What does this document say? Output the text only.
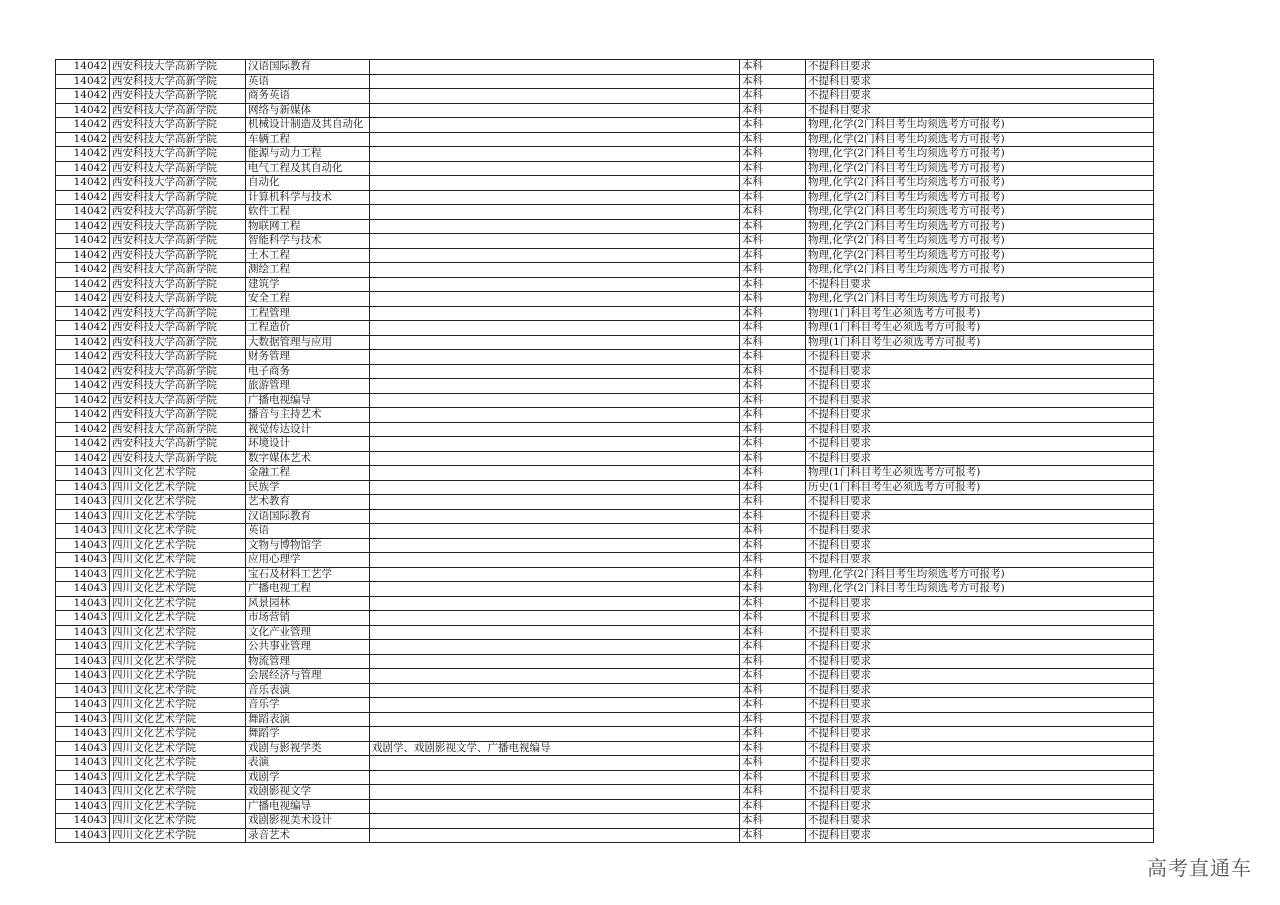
14042	西安科技大学高新学院	汉语国际教育		本科	不提科目要求
14042	西安科技大学高新学院	英语		本科	不提科目要求
14042	西安科技大学高新学院	商务英语		本科	不提科目要求
14042	西安科技大学高新学院	网络与新媒体		本科	不提科目要求
14042	西安科技大学高新学院	机械设计制造及其自动化		本科	物理,化学(2门科目考生均须选考方可报考)
14042	西安科技大学高新学院	车辆工程		本科	物理,化学(2门科目考生均须选考方可报考)
14042	西安科技大学高新学院	能源与动力工程		本科	物理,化学(2门科目考生均须选考方可报考)
14042	西安科技大学高新学院	电气工程及其自动化		本科	物理,化学(2门科目考生均须选考方可报考)
14042	西安科技大学高新学院	自动化		本科	物理,化学(2门科目考生均须选考方可报考)
14042	西安科技大学高新学院	计算机科学与技术		本科	物理,化学(2门科目考生均须选考方可报考)
14042	西安科技大学高新学院	软件工程		本科	物理,化学(2门科目考生均须选考方可报考)
14042	西安科技大学高新学院	物联网工程		本科	物理,化学(2门科目考生均须选考方可报考)
14042	西安科技大学高新学院	智能科学与技术		本科	物理,化学(2门科目考生均须选考方可报考)
14042	西安科技大学高新学院	土木工程		本科	物理,化学(2门科目考生均须选考方可报考)
14042	西安科技大学高新学院	测绘工程		本科	物理,化学(2门科目考生均须选考方可报考)
14042	西安科技大学高新学院	建筑学		本科	不提科目要求
14042	西安科技大学高新学院	安全工程		本科	物理,化学(2门科目考生均须选考方可报考)
14042	西安科技大学高新学院	工程管理		本科	物理(1门科目考生必须选考方可报考)
14042	西安科技大学高新学院	工程造价		本科	物理(1门科目考生必须选考方可报考)
14042	西安科技大学高新学院	大数据管理与应用		本科	物理(1门科目考生必须选考方可报考)
14042	西安科技大学高新学院	财务管理		本科	不提科目要求
14042	西安科技大学高新学院	电子商务		本科	不提科目要求
14042	西安科技大学高新学院	旅游管理		本科	不提科目要求
14042	西安科技大学高新学院	广播电视编导		本科	不提科目要求
14042	西安科技大学高新学院	播音与主持艺术		本科	不提科目要求
14042	西安科技大学高新学院	视觉传达设计		本科	不提科目要求
14042	西安科技大学高新学院	环境设计		本科	不提科目要求
14042	西安科技大学高新学院	数字媒体艺术		本科	不提科目要求
14043	四川文化艺术学院	金融工程		本科	物理(1门科目考生必须选考方可报考)
14043	四川文化艺术学院	民族学		本科	历史(1门科目考生必须选考方可报考)
14043	四川文化艺术学院	艺术教育		本科	不提科目要求
14043	四川文化艺术学院	汉语国际教育		本科	不提科目要求
14043	四川文化艺术学院	英语		本科	不提科目要求
14043	四川文化艺术学院	文物与博物馆学		本科	不提科目要求
14043	四川文化艺术学院	应用心理学		本科	不提科目要求
14043	四川文化艺术学院	宝石及材料工艺学		本科	物理,化学(2门科目考生均须选考方可报考)
14043	四川文化艺术学院	广播电视工程		本科	物理,化学(2门科目考生均须选考方可报考)
14043	四川文化艺术学院	风景园林		本科	不提科目要求
14043	四川文化艺术学院	市场营销		本科	不提科目要求
14043	四川文化艺术学院	文化产业管理		本科	不提科目要求
14043	四川文化艺术学院	公共事业管理		本科	不提科目要求
14043	四川文化艺术学院	物流管理		本科	不提科目要求
14043	四川文化艺术学院	会展经济与管理		本科	不提科目要求
14043	四川文化艺术学院	音乐表演		本科	不提科目要求
14043	四川文化艺术学院	音乐学		本科	不提科目要求
14043	四川文化艺术学院	舞蹈表演		本科	不提科目要求
14043	四川文化艺术学院	舞蹈学		本科	不提科目要求
14043	四川文化艺术学院	戏剧与影视学类	戏剧学、戏剧影视文学、广播电视编导	本科	不提科目要求
14043	四川文化艺术学院	表演		本科	不提科目要求
14043	四川文化艺术学院	戏剧学		本科	不提科目要求
14043	四川文化艺术学院	戏剧影视文学		本科	不提科目要求
14043	四川文化艺术学院	广播电视编导		本科	不提科目要求
14043	四川文化艺术学院	戏剧影视美术设计		本科	不提科目要求
14043	四川文化艺术学院	录音艺术		本科	不提科目要求
高考直通车
